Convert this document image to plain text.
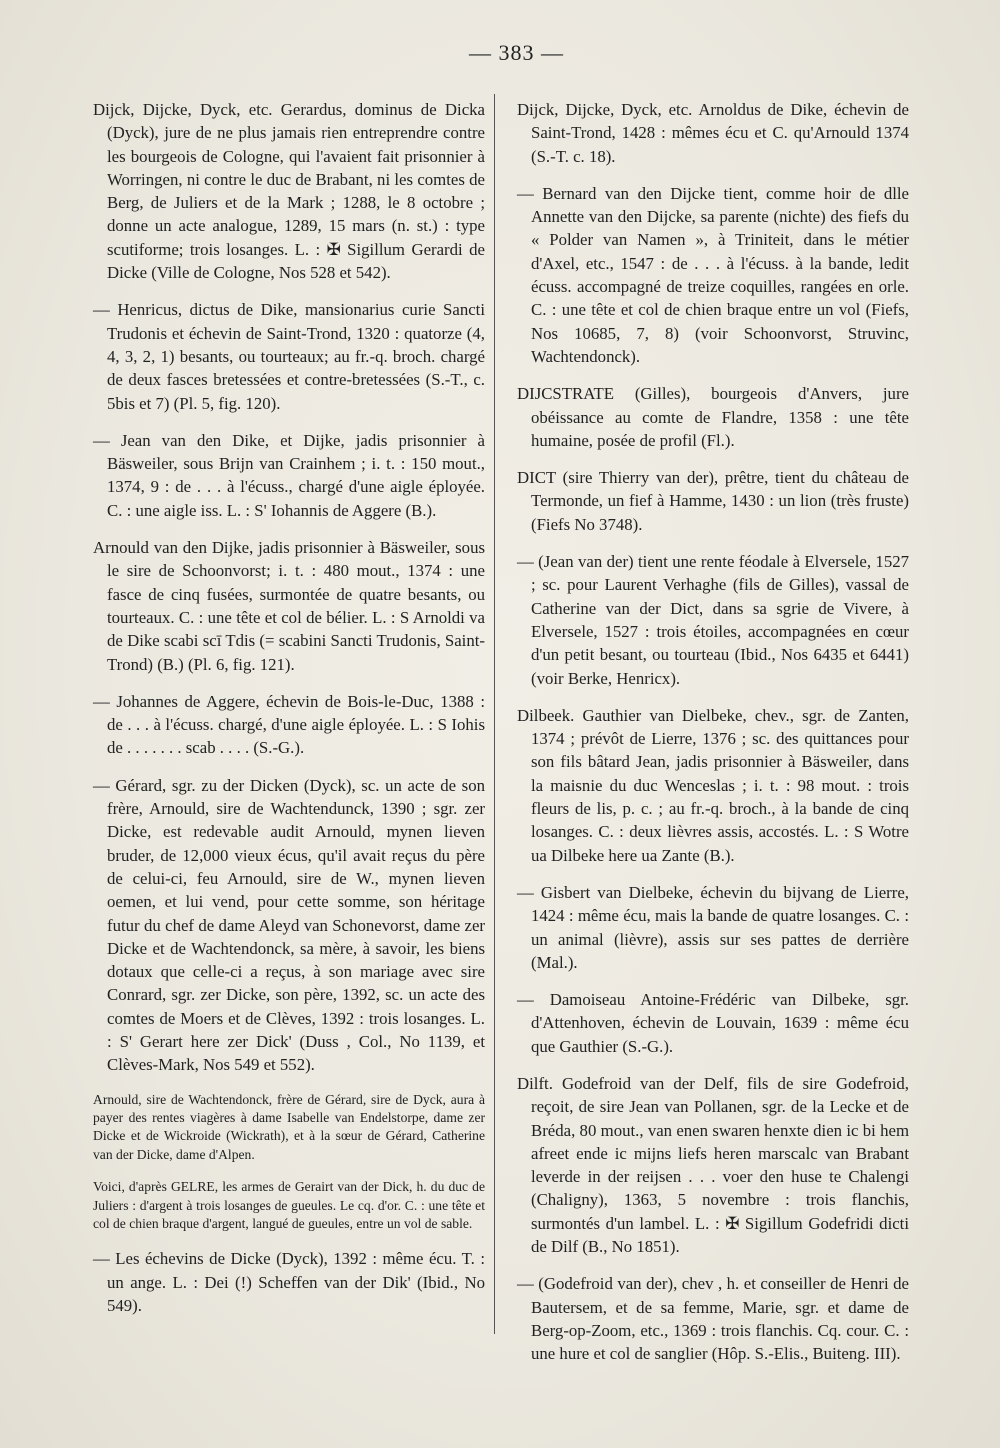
— 383 —

Dijck, Dijcke, Dyck, etc. Gerardus, dominus de Dicka (Dyck), jure de ne plus jamais rien entreprendre contre les bourgeois de Cologne, qui l'avaient fait prisonnier à Worringen, ni contre le duc de Brabant, ni les comtes de Berg, de Juliers et de la Mark ; 1288, le 8 octobre ; donne un acte analogue, 1289, 15 mars (n. st.) : type scutiforme; trois losanges. L. : ✠ Sigillum Gerardi de Dicke (Ville de Cologne, Nos 528 et 542).

— Henricus, dictus de Dike, mansionarius curie Sancti Trudonis et échevin de Saint-Trond, 1320 : quatorze (4, 4, 3, 2, 1) besants, ou tourteaux; au fr.-q. broch. chargé de deux fasces bretessées et contre-bretessées (S.-T., c. 5bis et 7) (Pl. 5, fig. 120).

— Jean van den Dike, et Dijke, jadis prisonnier à Bäsweiler, sous Brijn van Crainhem ; i. t. : 150 mout., 1374, 9 : de . . . à l'écuss., chargé d'une aigle éployée. C. : une aigle iss. L. : S' Iohannis de Aggere (B.).

Arnould van den Dijke, jadis prisonnier à Bäsweiler, sous le sire de Schoonvorst; i. t. : 480 mout., 1374 : une fasce de cinq fusées, surmontée de quatre besants, ou tourteaux. C. : une tête et col de bélier. L. : S Arnoldi va de Dike scabi scī Tdis (= scabini Sancti Trudonis, Saint-Trond) (B.) (Pl. 6, fig. 121).

— Johannes de Aggere, échevin de Bois-le-Duc, 1388 : de . . . à l'écuss. chargé, d'une aigle éployée. L. : S Iohis de . . . . . . . scab . . . . (S.-G.).

— Gérard, sgr. zu der Dicken (Dyck), sc. un acte de son frère, Arnould, sire de Wachtendunck, 1390 ; sgr. zer Dicke, est redevable audit Arnould, mynen lieven bruder, de 12,000 vieux écus, qu'il avait reçus du père de celui-ci, feu Arnould, sire de W., mynen lieven oemen, et lui vend, pour cette somme, son héritage futur du chef de dame Aleyd van Schonevorst, dame zer Dicke et de Wachtendonck, sa mère, à savoir, les biens dotaux que celle-ci a reçus, à son mariage avec sire Conrard, sgr. zer Dicke, son père, 1392, sc. un acte des comtes de Moers et de Clèves, 1392 : trois losanges. L. : S' Gerart here zer Dick' (Duss , Col., No 1139, et Clèves-Mark, Nos 549 et 552).

Arnould, sire de Wachtendonck, frère de Gérard, sire de Dyck, aura à payer des rentes viagères à dame Isabelle van Endelstorpe, dame zer Dicke et de Wickroide (Wickrath), et à la sœur de Gérard, Catherine van der Dicke, dame d'Alpen.

Voici, d'après GELRE, les armes de Gerairt van der Dick, h. du duc de Juliers : d'argent à trois losanges de gueules. Le cq. d'or. C. : une tête et col de chien braque d'argent, langué de gueules, entre un vol de sable.

— Les échevins de Dicke (Dyck), 1392 : même écu. T. : un ange. L. : Dei (!) Scheffen van der Dik' (Ibid., No 549).

Dijck, Dijcke, Dyck, etc. Arnoldus de Dike, échevin de Saint-Trond, 1428 : mêmes écu et C. qu'Arnould 1374 (S.-T. c. 18).

— Bernard van den Dijcke tient, comme hoir de dlle Annette van den Dijcke, sa parente (nichte) des fiefs du « Polder van Namen », à Triniteit, dans le métier d'Axel, etc., 1547 : de . . . à l'écuss. à la bande, ledit écuss. accompagné de treize coquilles, rangées en orle. C. : une tête et col de chien braque entre un vol (Fiefs, Nos 10685, 7, 8) (voir Schoonvorst, Struvinc, Wachtendonck).

DIJCSTRATE (Gilles), bourgeois d'Anvers, jure obéissance au comte de Flandre, 1358 : une tête humaine, posée de profil (Fl.).

DICT (sire Thierry van der), prêtre, tient du château de Termonde, un fief à Hamme, 1430 : un lion (très fruste) (Fiefs No 3748).

— (Jean van der) tient une rente féodale à Elversele, 1527 ; sc. pour Laurent Verhaghe (fils de Gilles), vassal de Catherine van der Dict, dans sa sgrie de Vivere, à Elversele, 1527 : trois étoiles, accompagnées en cœur d'un petit besant, ou tourteau (Ibid., Nos 6435 et 6441) (voir Berke, Henricx).

Dilbeek. Gauthier van Dielbeke, chev., sgr. de Zanten, 1374 ; prévôt de Lierre, 1376 ; sc. des quittances pour son fils bâtard Jean, jadis prisonnier à Bäsweiler, dans la maisnie du duc Wenceslas ; i. t. : 98 mout. : trois fleurs de lis, p. c. ; au fr.-q. broch., à la bande de cinq losanges. C. : deux lièvres assis, accostés. L. : S Wotre ua Dilbeke here ua Zante (B.).

— Gisbert van Dielbeke, échevin du bijvang de Lierre, 1424 : même écu, mais la bande de quatre losanges. C. : un animal (lièvre), assis sur ses pattes de derrière (Mal.).

— Damoiseau Antoine-Frédéric van Dilbeke, sgr. d'Attenhoven, échevin de Louvain, 1639 : même écu que Gauthier (S.-G.).

Dilft. Godefroid van der Delf, fils de sire Godefroid, reçoit, de sire Jean van Pollanen, sgr. de la Lecke et de Bréda, 80 mout., van enen swaren henxte dien ic bi hem afreet ende ic mijns liefs heren marscalc van Brabant leverde in der reijsen . . . voer den huse te Chalengi (Chaligny), 1363, 5 novembre : trois flanchis, surmontés d'un lambel. L. : ✠ Sigillum Godefridi dicti de Dilf (B., No 1851).

— (Godefroid van der), chev , h. et conseiller de Henri de Bautersem, et de sa femme, Marie, sgr. et dame de Berg-op-Zoom, etc., 1369 : trois flanchis. Cq. cour. C. : une hure et col de sanglier (Hôp. S.-Elis., Buiteng. III).
